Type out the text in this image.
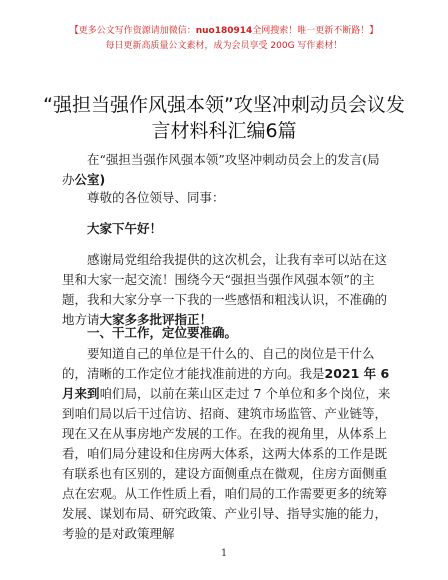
【更多公文写作资源请加微信：nuo180914全网搜索！唯一更新不断路！】
每日更新高质量公文素材，成为会员享受 200G 写作素材！
“强担当强作风强本领”攻坚冲刺动员会议发言材料科汇编6篇
在“强担当强作风强本领”攻坚冲刺动员会上的发言(局办公室)
尊敬的各位领导、同事：
大家下午好！
感谢局党组给我提供的这次机会，让我有幸可以站在这里和大家一起交流！围绕今天“强担当强作风强本领”的主题，我和大家分享一下我的一些感悟和粗浅认识，不准确的地方请大家多多批评指正！
一、干工作，定位要准确。
要知道自己的单位是干什么的、自己的岗位是干什么的，清晰的工作定位才能找准前进的方向。我是2021 年 6 月来到咱们局，以前在莱山区走过 7 个单位和多个岗位，来到咱们局以后干过信访、招商、建筑市场监管、产业链等，现在又在从事房地产发展的工作。在我的视角里，从体系上看，咱们局分建设和住房两大体系，这两大体系的工作是既有联系也有区别的，建设方面侧重点在微观，住房方面侧重点在宏观。从工作性质上看，咱们局的工作需要更多的统筹发展、谋划布局、研究政策、产业引导、指导实施的能力，考验的是对政策理解
1
